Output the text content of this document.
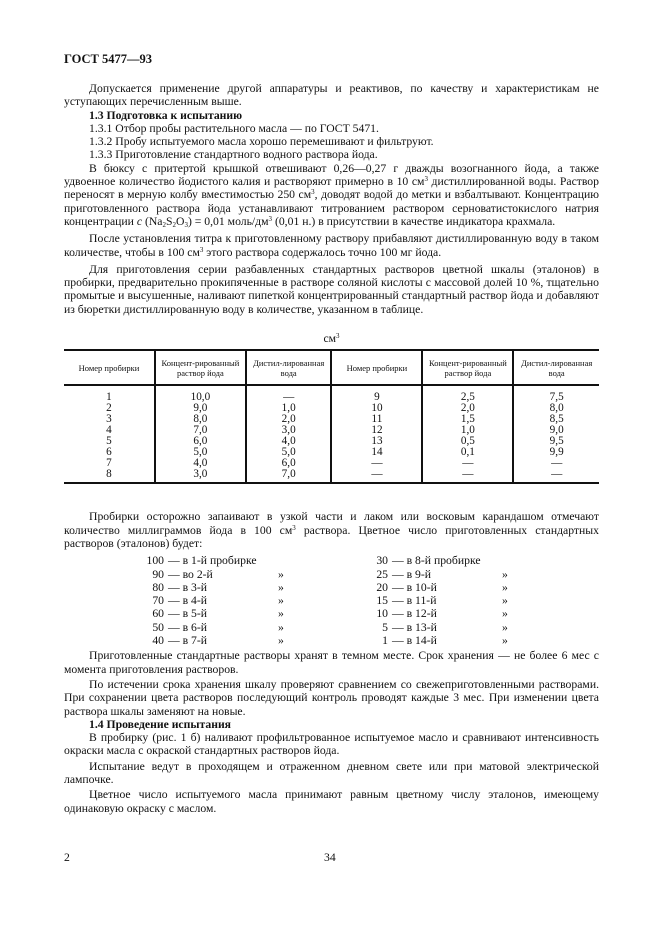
ГОСТ 5477—93

Допускается применение другой аппаратуры и реактивов, по качеству и характеристикам не уступающих перечисленным выше.

1.3 Подготовка к испытанию

1.3.1 Отбор пробы растительного масла — по ГОСТ 5471.

1.3.2 Пробу испытуемого масла хорошо перемешивают и фильтруют.

1.3.3 Приготовление стандартного водного раствора йода.

В бюксу с притертой крышкой отвешивают 0,26—0,27 г дважды возогнанного йода, а также удвоенное количество йодистого калия и растворяют примерно в 10 $см^3$ дистиллированной воды. Раствор переносят в мерную колбу вместимостью 250 $см^3$, доводят водой до метки и взбалтывают. Концентрацию приготовленного раствора йода устанавливают титрованием раствором серноватистокислого натрия концентрации c $(Na_2S_2O_3) = 0,01$ моль/$дм^3$ (0,01 н.) в присутствии в качестве индикатора крахмала.

После установления титра к приготовленному раствору прибавляют дистиллированную воду в таком количестве, чтобы в 100 $см^3$ этого раствора содержалось точно 100 мг йода.

Для приготовления серии разбавленных стандартных растворов цветной шкалы (эталонов) в пробирки, предварительно прокипяченные в растворе соляной кислоты с массовой долей 10 %, тщательно промытые и высушенные, наливают пипеткой концентрированный стандартный раствор йода и добавляют из бюретки дистиллированную воду в количестве, указанном в таблице.

$см^3$
Номер пробирки	Концент-рированный раствор йода	Дистил-лированная вода	Номер пробирки	Концент-рированный раствор йода	Дистил-лированная вода
1	10,0	—	9	2,5	7,5
2	9,0	1,0	10	2,0	8,0
3	8,0	2,0	11	1,5	8,5
4	7,0	3,0	12	1,0	9,0
5	6,0	4,0	13	0,5	9,5
6	5,0	5,0	14	0,1	9,9
7	4,0	6,0	—	—	—
8	3,0	7,0	—	—	—

Пробирки осторожно запаивают в узкой части и лаком или восковым карандашом отмечают количество миллиграммов йода в 100 $см^3$ раствора. Цветное число приготовленных стандартных растворов (эталонов) будет:

100 — в 1-й пробирке	30 — в 8-й пробирке
90 — во 2-й	»	25 — в 9-й	»
80 — в 3-й	»	20 — в 10-й	»
70 — в 4-й	»	15 — в 11-й	»
60 — в 5-й	»	10 — в 12-й	»
50 — в 6-й	»	5 — в 13-й	»
40 — в 7-й	»	1 — в 14-й	»

Приготовленные стандартные растворы хранят в темном месте. Срок хранения — не более 6 мес с момента приготовления растворов.

По истечении срока хранения шкалу проверяют сравнением со свежеприготовленными растворами. При сохранении цвета растворов последующий контроль проводят каждые 3 мес. При изменении цвета раствора шкалы заменяют на новые.

1.4 Проведение испытания

В пробирку (рис. 1 б) наливают профильтрованное испытуемое масло и сравнивают интенсивность окраски масла с окраской стандартных растворов йода.

Испытание ведут в проходящем и отраженном дневном свете или при матовой электрической лампочке.

Цветное число испытуемого масла принимают равным цветному числу эталонов, имеющему одинаковую окраску с маслом.

2	34
